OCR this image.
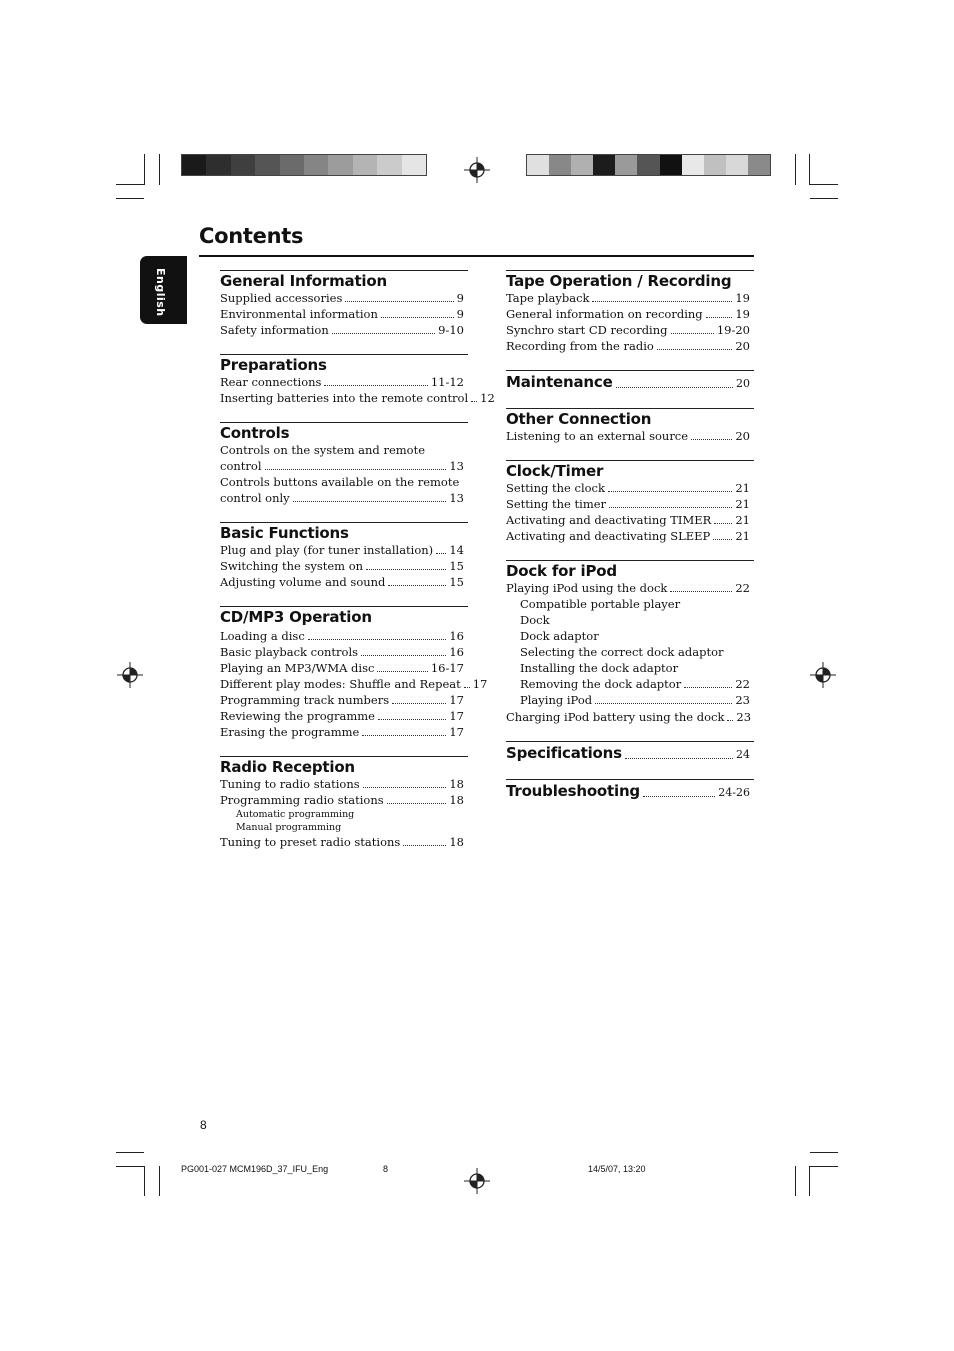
Contents
English	General Information
Supplied accessories	9
Environmental information	9
Safety information	9-10
Preparations
Rear connections	11-12
Inserting batteries into the remote control 12
Controls
Controls on the system and remote
control	13
Controls buttons available on the remote
control only	13
Basic Functions
Plug and play (for tuner installation) 14
Switching the system on	15
Adjusting volume and sound	15
CD/MP3 Operation
Loading a disc	16
Basic playback controls	16
Playing an MP3/WMA disc	16-17
Different play modes: Shuffle and Repeat 17
Programming track numbers	17
Reviewing the programme	17
Erasing the programme	17
Radio Reception
Tuning to radio stations	18
Programming radio stations	18
Automatic programming
Manual programming
Tuning to preset radio stations	18
Tape Operation / Recording
Tape playback	19
General information on recording	19
Synchro start CD recording	19-20
Recording from the radio	20
Maintenance	20
Other Connection
Listening to an external source	20
Clock/Timer
Setting the clock	21
Setting the timer	21
Activating and deactivating TIMER 21
Activating and deactivating SLEEP 21
Dock for iPod
Playing iPod using the dock	22
Compatible portable player
Dock
Dock adaptor
Selecting the correct dock adaptor
Installing the dock adaptor
Removing the dock adaptor	22
Playing iPod	23
Charging iPod battery using the dock 23
Specifications	24
Troubleshooting	24-26
8
PG001-027 MCM196D_37_IFU_Eng	8	14/5/07, 13:20
